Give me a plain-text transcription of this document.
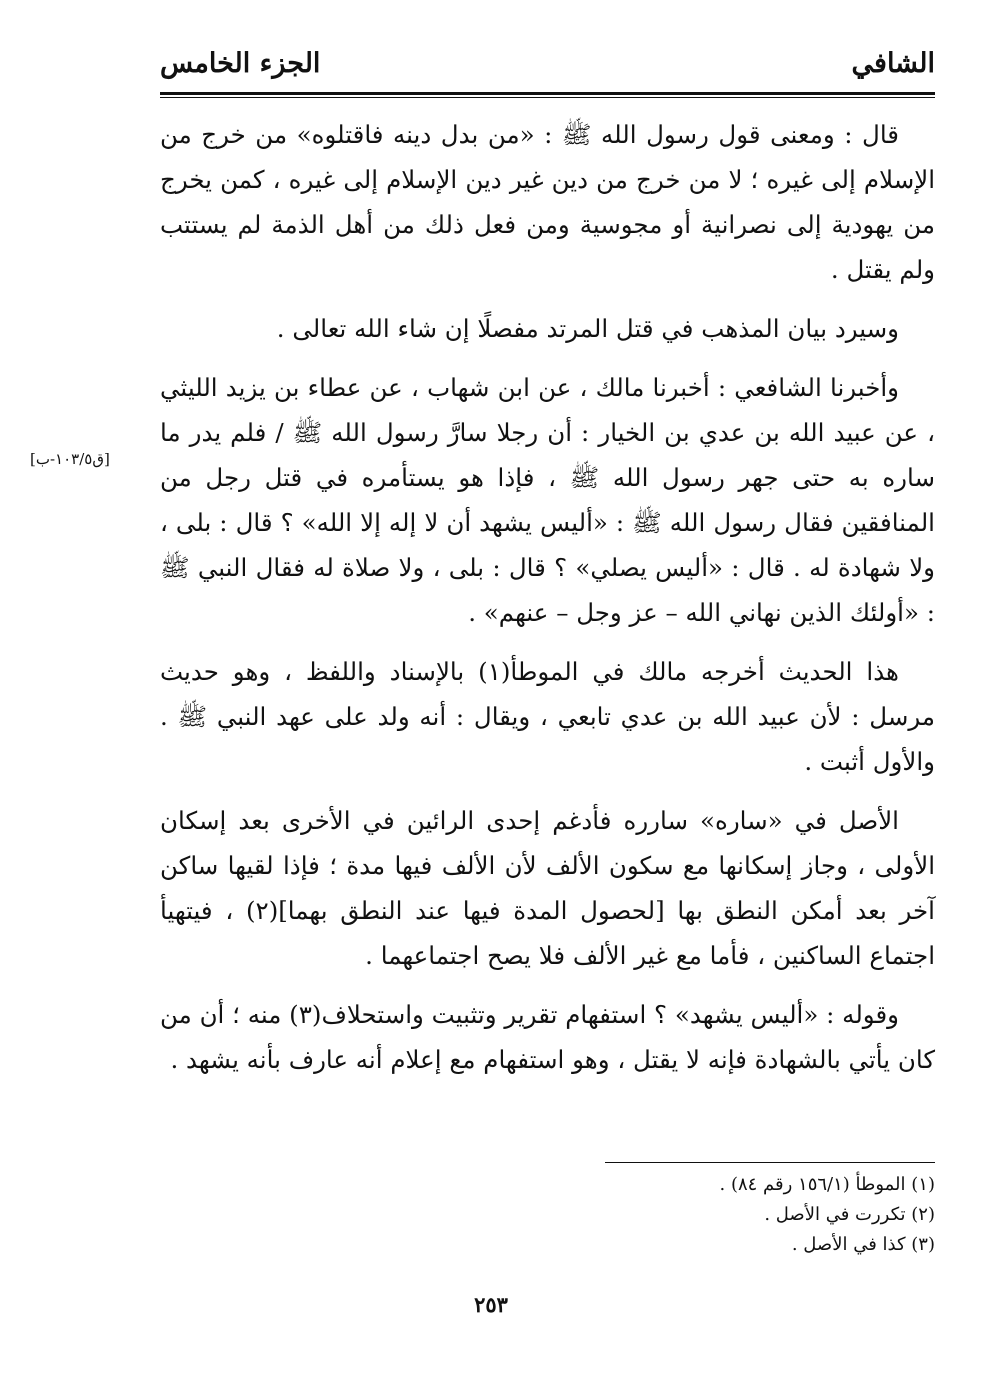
الشافي
الجزء الخامس
[ق١٠٣/٥-ب]

قال : ومعنى قول رسول الله ﷺ : «من بدل دينه فاقتلوه» من خرج من الإسلام إلى غيره ؛ لا من خرج من دين غير دين الإسلام إلى غيره ، كمن يخرج من يهودية إلى نصرانية أو مجوسية ومن فعل ذلك من أهل الذمة لم يستتب ولم يقتل .

وسيرد بيان المذهب في قتل المرتد مفصلًا إن شاء الله تعالى .

وأخبرنا الشافعي : أخبرنا مالك ، عن ابن شهاب ، عن عطاء بن يزيد الليثي ، عن عبيد الله بن عدي بن الخيار : أن رجلا سارَّ رسول الله ﷺ / فلم يدر ما ساره به حتى جهر رسول الله ﷺ ، فإذا هو يستأمره في قتل رجل من المنافقين فقال رسول الله ﷺ : «أليس يشهد أن لا إله إلا الله» ؟ قال : بلى ، ولا شهادة له . قال : «أليس يصلي» ؟ قال : بلى ، ولا صلاة له فقال النبي ﷺ : «أولئك الذين نهاني الله – عز وجل – عنهم» .

هذا الحديث أخرجه مالك في الموطأ(١) بالإسناد واللفظ ، وهو حديث مرسل : لأن عبيد الله بن عدي تابعي ، ويقال : أنه ولد على عهد النبي ﷺ . والأول أثبت .

الأصل في «ساره» سارره فأدغم إحدى الرائين في الأخرى بعد إسكان الأولى ، وجاز إسكانها مع سكون الألف لأن الألف فيها مدة ؛ فإذا لقيها ساكن آخر بعد أمكن النطق بها [لحصول المدة فيها عند النطق بهما](٢) ، فيتهيأ اجتماع الساكنين ، فأما مع غير الألف فلا يصح اجتماعهما .

وقوله : «أليس يشهد» ؟ استفهام تقرير وتثبيت واستحلاف(٣) منه ؛ أن من كان يأتي بالشهادة فإنه لا يقتل ، وهو استفهام مع إعلام أنه عارف بأنه يشهد .

(١) الموطأ (١٥٦/١ رقم ٨٤) .

(٢) تكررت في الأصل .

(٣) كذا في الأصل .

٢٥٣
